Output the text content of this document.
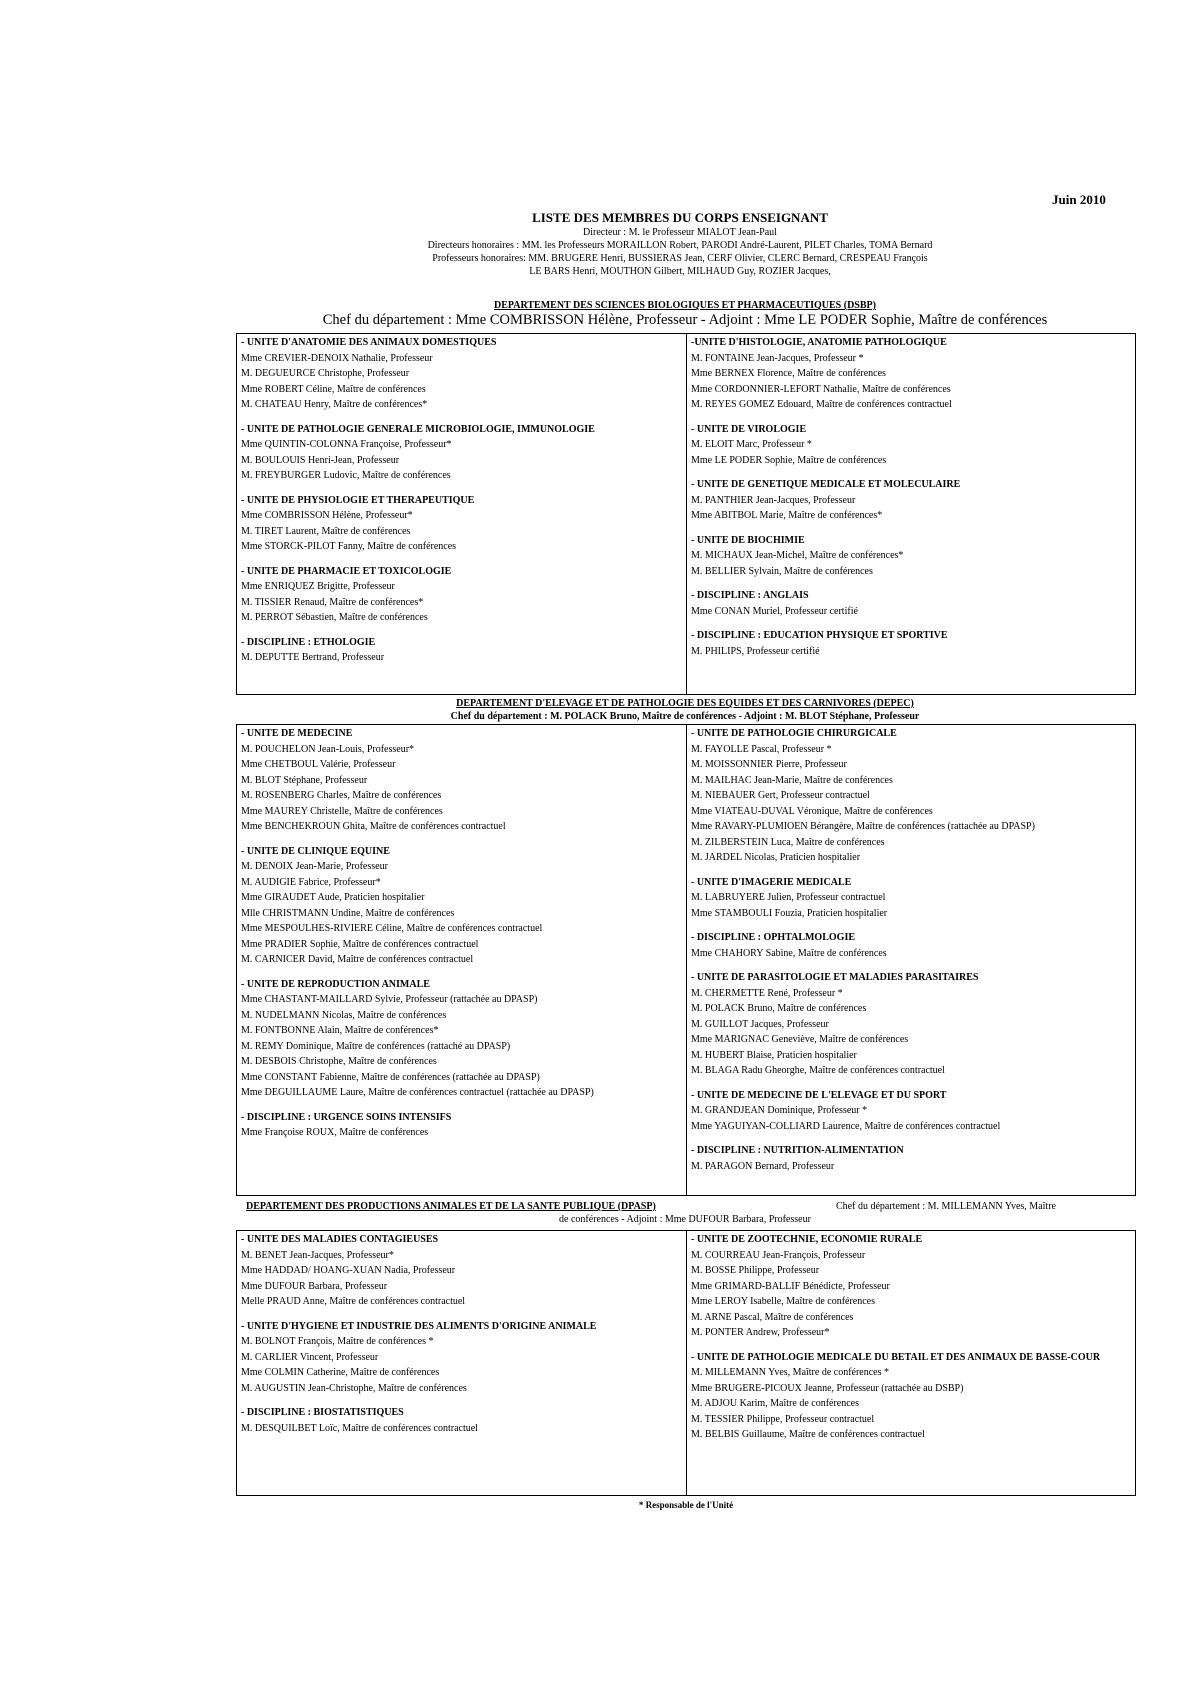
Juin 2010
LISTE DES MEMBRES DU CORPS ENSEIGNANT
Directeur : M. le Professeur MIALOT Jean-Paul
Directeurs honoraires : MM. les Professeurs MORAILLON Robert, PARODI André-Laurent, PILET Charles, TOMA Bernard
Professeurs honoraires: MM. BRUGERE Henri, BUSSIERAS Jean, CERF Olivier, CLERC Bernard, CRESPEAU François
LE BARS Henri, MOUTHON Gilbert, MILHAUD Guy, ROZIER Jacques,
DEPARTEMENT DES SCIENCES BIOLOGIQUES ET PHARMACEUTIQUES (DSBP)
Chef du département : Mme COMBRISSON Hélène, Professeur - Adjoint : Mme LE PODER Sophie, Maître de conférences
- UNITE D'ANATOMIE DES ANIMAUX DOMESTIQUES
Mme CREVIER-DENOIX Nathalie, Professeur
M. DEGUEURCE Christophe, Professeur
Mme ROBERT Céline, Maître de conférences
M. CHATEAU Henry, Maître de conférences*
- UNITE DE PATHOLOGIE GENERALE MICROBIOLOGIE, IMMUNOLOGIE
Mme QUINTIN-COLONNA Françoise, Professeur*
M. BOULOUIS Henri-Jean, Professeur
M. FREYBURGER Ludovic, Maître de conférences
- UNITE DE PHYSIOLOGIE ET THERAPEUTIQUE
Mme COMBRISSON Hélène, Professeur*
M. TIRET Laurent, Maître de conférences
Mme STORCK-PILOT Fanny, Maître de conférences
- UNITE DE PHARMACIE ET TOXICOLOGIE
Mme ENRIQUEZ Brigitte, Professeur
M. TISSIER Renaud, Maître de conférences*
M. PERROT Sébastien, Maître de conférences
- DISCIPLINE : ETHOLOGIE
M. DEPUTTE Bertrand, Professeur
-UNITE D'HISTOLOGIE, ANATOMIE PATHOLOGIQUE
M. FONTAINE Jean-Jacques, Professeur *
Mme BERNEX Florence, Maître de conférences
Mme CORDONNIER-LEFORT Nathalie, Maître de conférences
M. REYES GOMEZ Edouard, Maître de conférences contractuel
- UNITE DE VIROLOGIE
M. ELOIT Marc, Professeur *
Mme LE PODER Sophie, Maître de conférences
- UNITE DE GENETIQUE MEDICALE ET MOLECULAIRE
M. PANTHIER Jean-Jacques, Professeur
Mme ABITBOL Marie, Maître de conférences*
- UNITE DE BIOCHIMIE
M. MICHAUX Jean-Michel, Maître de conférences*
M. BELLIER Sylvain, Maître de conférences
- DISCIPLINE : ANGLAIS
Mme CONAN Muriel, Professeur certifié
- DISCIPLINE : EDUCATION PHYSIQUE ET SPORTIVE
M. PHILIPS, Professeur certifié
DEPARTEMENT D'ELEVAGE ET DE PATHOLOGIE DES EQUIDES ET DES CARNIVORES (DEPEC)
Chef du département : M. POLACK Bruno, Maître de conférences - Adjoint : M. BLOT Stéphane, Professeur
- UNITE DE MEDECINE
M. POUCHELON Jean-Louis, Professeur*
Mme CHETBOUL Valérie, Professeur
M. BLOT Stéphane, Professeur
M. ROSENBERG Charles, Maître de conférences
Mme MAUREY Christelle, Maître de conférences
Mme BENCHEKROUN Ghita, Maître de conférences contractuel
- UNITE DE CLINIQUE EQUINE
M. DENOIX Jean-Marie, Professeur
M. AUDIGIE Fabrice, Professeur*
Mme GIRAUDET Aude, Praticien hospitalier
Mlle CHRISTMANN Undine, Maître de conférences
Mme MESPOULHES-RIVIERE Céline, Maître de conférences contractuel
Mme PRADIER Sophie, Maître de conférences contractuel
M. CARNICER David, Maître de conférences contractuel
- UNITE DE REPRODUCTION ANIMALE
Mme CHASTANT-MAILLARD Sylvie, Professeur (rattachée au DPASP)
M. NUDELMANN Nicolas, Maître de conférences
M. FONTBONNE Alain, Maître de conférences*
M. REMY Dominique, Maître de conférences (rattaché au DPASP)
M. DESBOIS Christophe, Maître de conférences
Mme CONSTANT Fabienne, Maître de conférences (rattachée au DPASP)
Mme DEGUILLAUME Laure, Maître de conférences contractuel (rattachée au DPASP)
- DISCIPLINE : URGENCE SOINS INTENSIFS
Mme Françoise ROUX, Maître de conférences
- UNITE DE PATHOLOGIE CHIRURGICALE
M. FAYOLLE Pascal, Professeur *
M. MOISSONNIER Pierre, Professeur
M. MAILHAC Jean-Marie, Maître de conférences
M. NIEBAUER Gert, Professeur contractuel
Mme VIATEAU-DUVAL Véronique, Maître de conférences
Mme RAVARY-PLUMIOEN Bérangère, Maître de conférences (rattachée au DPASP)
M. ZILBERSTEIN Luca, Maître de conférences
M. JARDEL Nicolas, Praticien hospitalier
- UNITE D'IMAGERIE MEDICALE
M. LABRUYERE Julien, Professeur contractuel
Mme STAMBOULI Fouzia, Praticien hospitalier
- DISCIPLINE : OPHTALMOLOGIE
Mme CHAHORY Sabine, Maître de conférences
- UNITE DE PARASITOLOGIE ET MALADIES PARASITAIRES
M. CHERMETTE René, Professeur *
M. POLACK Bruno, Maître de conférences
M. GUILLOT Jacques, Professeur
Mme MARIGNAC Geneviève, Maître de conférences
M. HUBERT Blaise, Praticien hospitalier
M. BLAGA Radu Gheorghe, Maître de conférences contractuel
- UNITE DE MEDECINE DE L'ELEVAGE ET DU SPORT
M. GRANDJEAN Dominique, Professeur *
Mme YAGUIYAN-COLLIARD Laurence, Maître de conférences contractuel
- DISCIPLINE : NUTRITION-ALIMENTATION
M. PARAGON Bernard, Professeur
DEPARTEMENT DES PRODUCTIONS ANIMALES ET DE LA SANTE PUBLIQUE (DPASP)	Chef du département : M. MILLEMANN Yves, Maître
de conférences - Adjoint : Mme DUFOUR Barbara, Professeur
- UNITE DES MALADIES CONTAGIEUSES
M. BENET Jean-Jacques, Professeur*
Mme HADDAD/ HOANG-XUAN Nadia, Professeur
Mme DUFOUR Barbara, Professeur
Melle PRAUD Anne, Maître de conférences contractuel
- UNITE D'HYGIENE ET INDUSTRIE DES ALIMENTS D'ORIGINE ANIMALE
M. BOLNOT François, Maître de conférences *
M. CARLIER Vincent, Professeur
Mme COLMIN Catherine, Maître de conférences
M. AUGUSTIN Jean-Christophe, Maître de conférences
- DISCIPLINE : BIOSTATISTIQUES
M. DESQUILBET Loïc, Maître de conférences contractuel
- UNITE DE ZOOTECHNIE, ECONOMIE RURALE
M. COURREAU Jean-François, Professeur
M. BOSSE Philippe, Professeur
Mme GRIMARD-BALLIF Bénédicte, Professeur
Mme LEROY Isabelle, Maître de conférences
M. ARNE Pascal, Maître de conférences
M. PONTER Andrew, Professeur*
- UNITE DE PATHOLOGIE MEDICALE DU BETAIL ET DES ANIMAUX DE BASSE-COUR
M. MILLEMANN Yves, Maître de conférences *
Mme BRUGERE-PICOUX Jeanne, Professeur (rattachée au DSBP)
M. ADJOU Karim, Maître de conférences
M. TESSIER Philippe, Professeur contractuel
M. BELBIS Guillaume, Maître de conférences contractuel
* Responsable de l'Unité
